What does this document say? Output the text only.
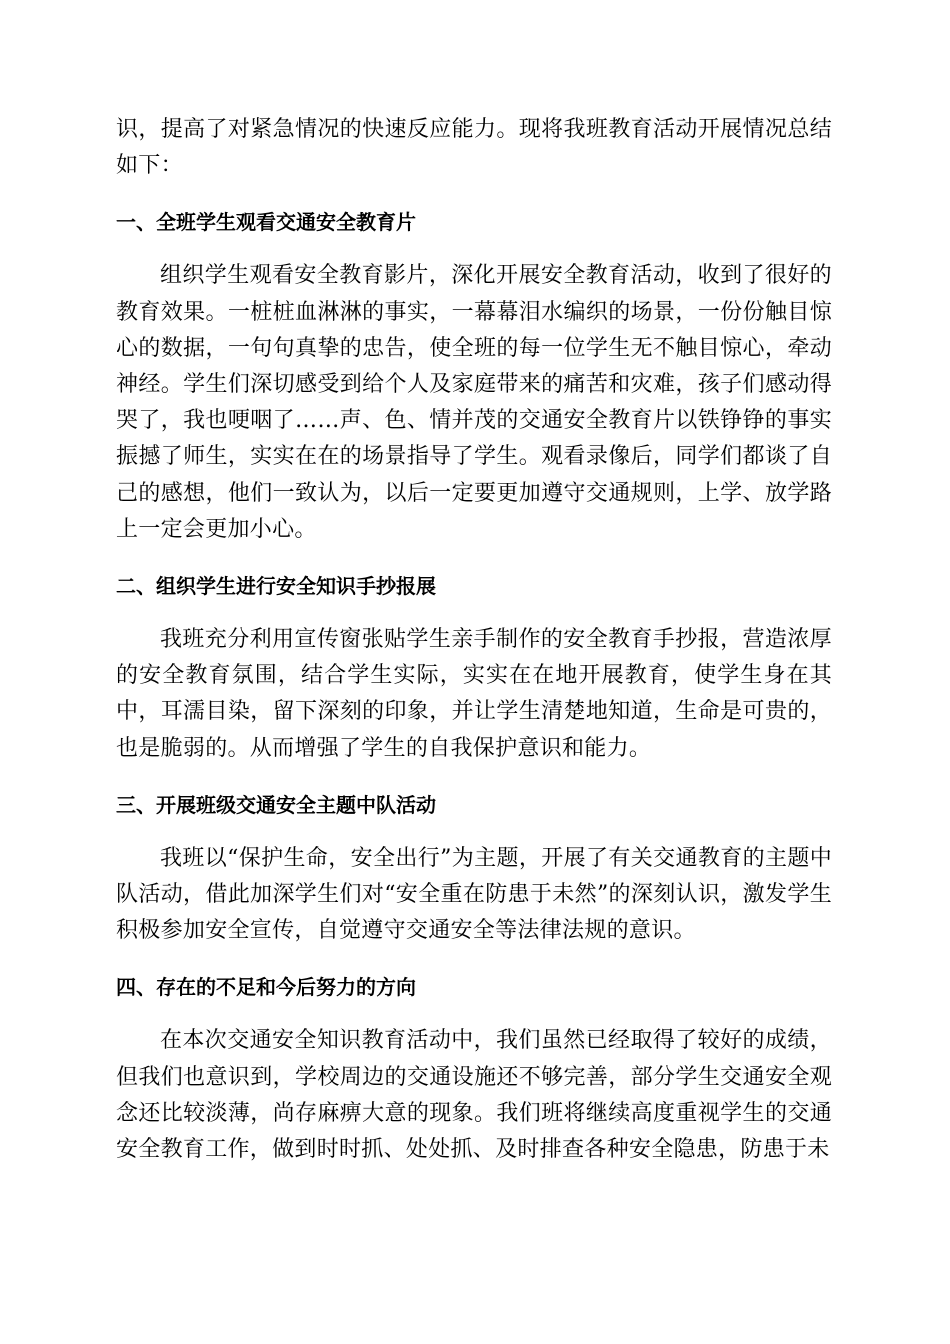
识，提高了对紧急情况的快速反应能力。现将我班教育活动开展情况总结如下：

一、全班学生观看交通安全教育片

组织学生观看安全教育影片，深化开展安全教育活动，收到了很好的教育效果。一桩桩血淋淋的事实，一幕幕泪水编织的场景，一份份触目惊心的数据，一句句真挚的忠告，使全班的每一位学生无不触目惊心，牵动神经。学生们深切感受到给个人及家庭带来的痛苦和灾难，孩子们感动得哭了，我也哽咽了……声、色、情并茂的交通安全教育片以铁铮铮的事实振撼了师生，实实在在的场景指导了学生。观看录像后，同学们都谈了自己的感想，他们一致认为，以后一定要更加遵守交通规则，上学、放学路上一定会更加小心。

二、组织学生进行安全知识手抄报展

我班充分利用宣传窗张贴学生亲手制作的安全教育手抄报，营造浓厚的安全教育氛围，结合学生实际，实实在在地开展教育，使学生身在其中，耳濡目染，留下深刻的印象，并让学生清楚地知道，生命是可贵的，也是脆弱的。从而增强了学生的自我保护意识和能力。

三、开展班级交通安全主题中队活动

我班以“保护生命，安全出行”为主题，开展了有关交通教育的主题中队活动，借此加深学生们对“安全重在防患于未然”的深刻认识，激发学生积极参加安全宣传，自觉遵守交通安全等法律法规的意识。

四、存在的不足和今后努力的方向

在本次交通安全知识教育活动中，我们虽然已经取得了较好的成绩，但我们也意识到，学校周边的交通设施还不够完善，部分学生交通安全观念还比较淡薄，尚存麻痹大意的现象。我们班将继续高度重视学生的交通安全教育工作，做到时时抓、处处抓、及时排查各种安全隐患，防患于未
